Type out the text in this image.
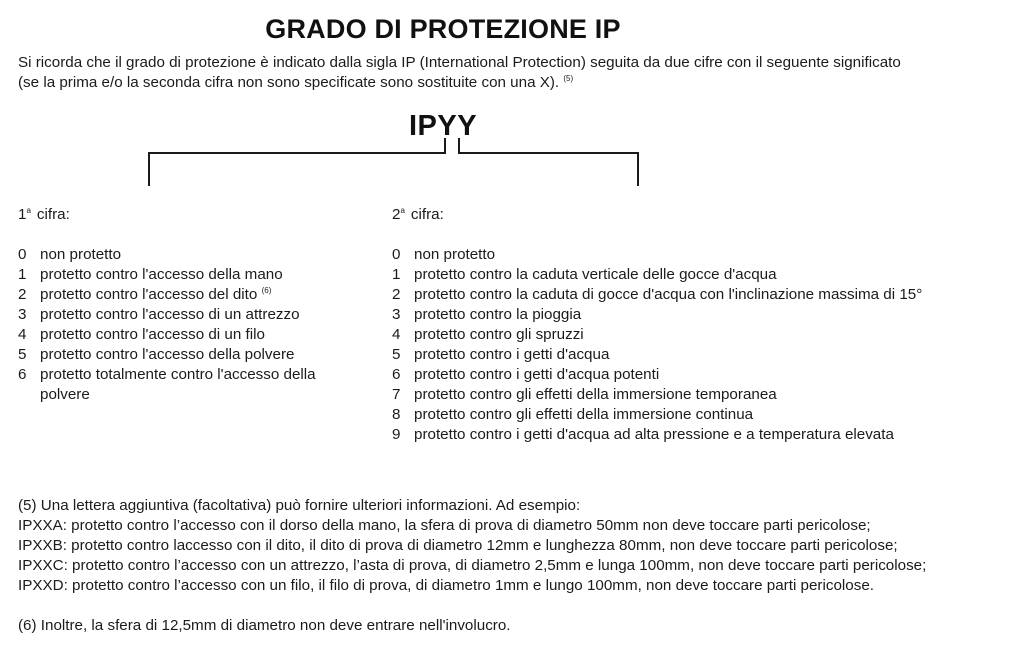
GRADO DI PROTEZIONE IP

Si ricorda che il grado di protezione è indicato dalla sigla IP (International Protection) seguita da due cifre con il seguente significato

(se la prima e/o la seconda cifra non sono specificate sono sostituite con una X). $^{(5)}$

IPYY
1$^a$ cifra:
0 non protetto
1 protetto contro l'accesso della mano
2 protetto contro l'accesso del dito $^{(6)}$
3 protetto contro l'accesso di un attrezzo
4 protetto contro l'accesso di un filo
5 protetto contro l'accesso della polvere
6 protetto totalmente contro l'accesso della polvere
2$^a$ cifra:
0 non protetto
1 protetto contro la caduta verticale delle gocce d'acqua
2 protetto contro la caduta di gocce d'acqua con l'inclinazione massima di 15°
3 protetto contro la pioggia
4 protetto contro gli spruzzi
5 protetto contro i getti d'acqua
6 protetto contro i getti d'acqua potenti
7 protetto contro gli effetti della immersione temporanea
8 protetto contro gli effetti della immersione continua
9 protetto contro i getti d'acqua ad alta pressione e a temperatura elevata

(5) Una lettera aggiuntiva (facoltativa) può fornire ulteriori informazioni. Ad esempio:

IPXXA: protetto contro l’accesso con il dorso della mano, la sfera di prova di diametro 50mm non deve toccare parti pericolose;

IPXXB: protetto contro laccesso con il dito, il dito di prova di diametro 12mm e lunghezza 80mm, non deve toccare parti pericolose;

IPXXC: protetto contro l’accesso con un attrezzo, l’asta di prova, di diametro 2,5mm e lunga 100mm, non deve toccare parti pericolose;

IPXXD: protetto contro l’accesso con un filo, il filo di prova, di diametro 1mm e lungo 100mm, non deve toccare parti pericolose.

(6) Inoltre, la sfera di 12,5mm di diametro non deve entrare nell'involucro.
